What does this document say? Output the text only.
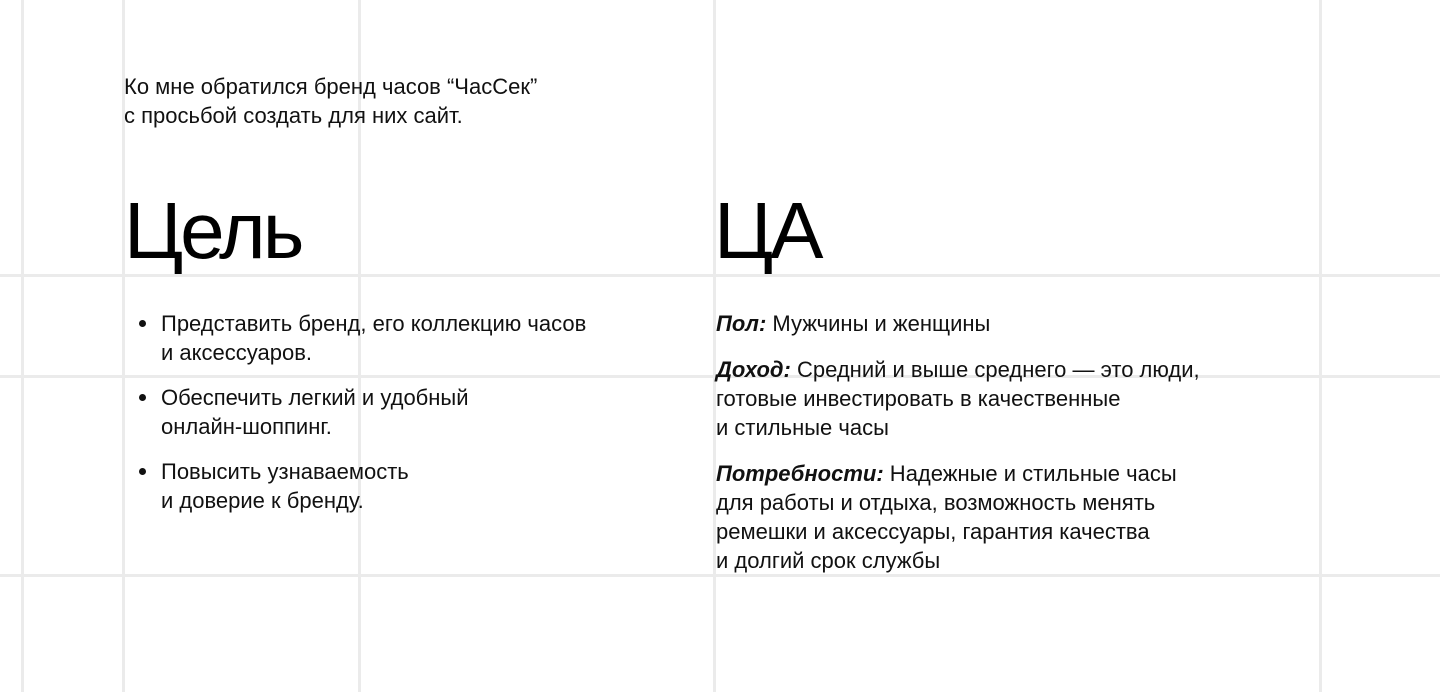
Ко мне обратился бренд часов “ЧасСек”
с просьбой создать для них сайт.
Цель	ЦА
Представить бренд, его коллекцию часов
и аксессуаров.
Обеспечить легкий и удобный
онлайн-шоппинг.
Повысить узнаваемость
и доверие к бренду.
Пол: Мужчины и женщины
Доход: Средний и выше среднего — это люди,
готовые инвестировать в качественные
и стильные часы
Потребности: Надежные и стильные часы
для работы и отдыха, возможность менять
ремешки и аксессуары, гарантия качества
и долгий срок службы
